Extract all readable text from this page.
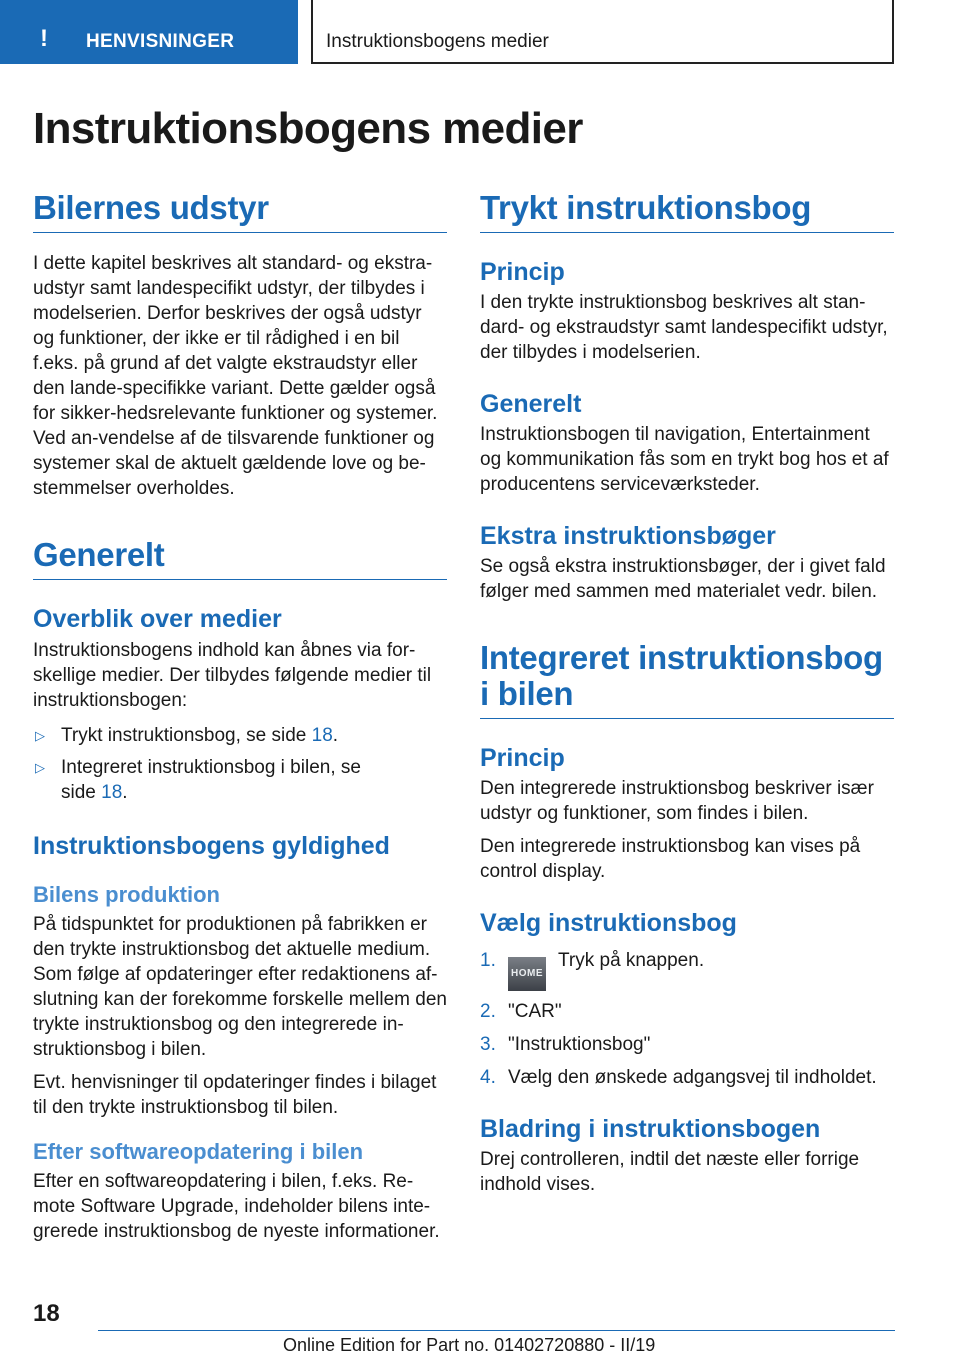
! HENVISNINGER	Instruktionsbogens medier
Instruktionsbogens medier
Bilernes udstyr

I dette kapitel beskrives alt standard- og ekstra-udstyr samt landespecifikt udstyr, der tilbydes i modelserien. Derfor beskrives der også udstyr og funktioner, der ikke er til rådighed i en bil f.eks. på grund af det valgte ekstraudstyr eller den lande-specifikke variant. Dette gælder også for sikker-hedsrelevante funktioner og systemer. Ved an-vendelse af de tilsvarende funktioner og systemer skal de aktuelt gældende love og be-stemmelser overholdes.

Generelt
Overblik over medier

Instruktionsbogens indhold kan åbnes via for-skellige medier. Der tilbydes følgende medier til instruktionsbogen:

▷ Trykt instruktionsbog, se side 18.
▷ Integreret instruktionsbog i bilen, se side 18.
Instruktionsbogens gyldighed
Bilens produktion

På tidspunktet for produktionen på fabrikken er den trykte instruktionsbog det aktuelle medium. Som følge af opdateringer efter redaktionens af-slutning kan der forekomme forskelle mellem den trykte instruktionsbog og den integrerede in-struktionsbog i bilen.

Evt. henvisninger til opdateringer findes i bilaget til den trykte instruktionsbog til bilen.

Efter softwareopdatering i bilen

Efter en softwareopdatering i bilen, f.eks. Re-mote Software Upgrade, indeholder bilens inte-grerede instruktionsbog de nyeste informationer.

Trykt instruktionsbog
Princip

I den trykte instruktionsbog beskrives alt stan-dard- og ekstraudstyr samt landespecifikt udstyr, der tilbydes i modelserien.

Generelt

Instruktionsbogen til navigation, Entertainment og kommunikation fås som en trykt bog hos et af producentens serviceværksteder.

Ekstra instruktionsbøger

Se også ekstra instruktionsbøger, der i givet fald følger med sammen med materialet vedr. bilen.

Integreret instruktionsbog i bilen
Princip

Den integrerede instruktionsbog beskriver især udstyr og funktioner, som findes i bilen.

Den integrerede instruktionsbog kan vises på control display.

Vælg instruktionsbog
1.
HOMETryk på knappen.
2. "CAR"
3. "Instruktionsbog"
4. Vælg den ønskede adgangsvej til indholdet.
Bladring i instruktionsbogen

Drej controlleren, indtil det næste eller forrige indhold vises.

18
Online Edition for Part no. 01402720880 - II/19
